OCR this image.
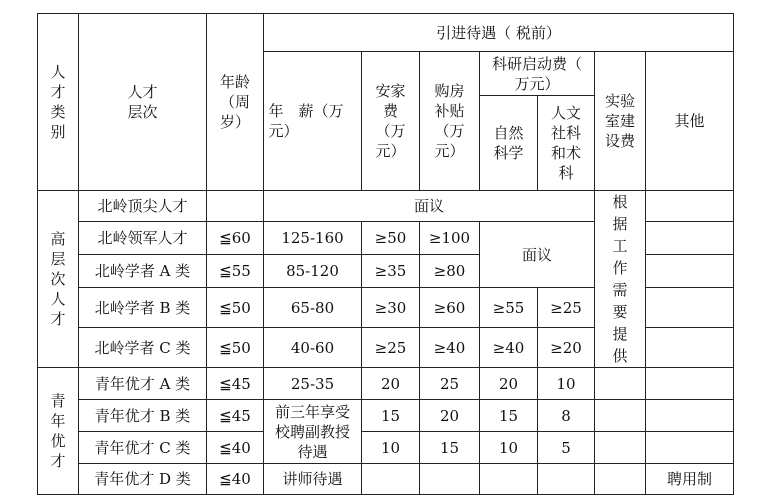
人才类别	人才层次	年龄（周岁）	引进待遇（ 税前）						
			年　薪（万元）	安家费（万元）	购房补贴（万元）	科研启动费（ 万元）		实验室建设费	其他
						自然科学	人文社科和术科		

高层次人才	北岭顶尖人才		面议					根据工作需要提供	
	北岭领军人才	≦60	125-160	≥50	≥100	面议			
	北岭学者 A 类	≦55	85-120	≥35	≥80				
	北岭学者 B 类	≦50	65-80	≥30	≥60	≥55	≥25		
	北岭学者 C 类	≦50	40-60	≥25	≥40	≥40	≥20		
青年优才	青年优才 A 类	≦45	25-35	20	25	20	10		
	青年优才 B 类	≦45	前三年享受校聘副教授待遇	15	20	15	8		
	青年优才 C 类	≦40		10	15	10	5		
	青年优才 D 类	≦40	讲师待遇						聘用制
